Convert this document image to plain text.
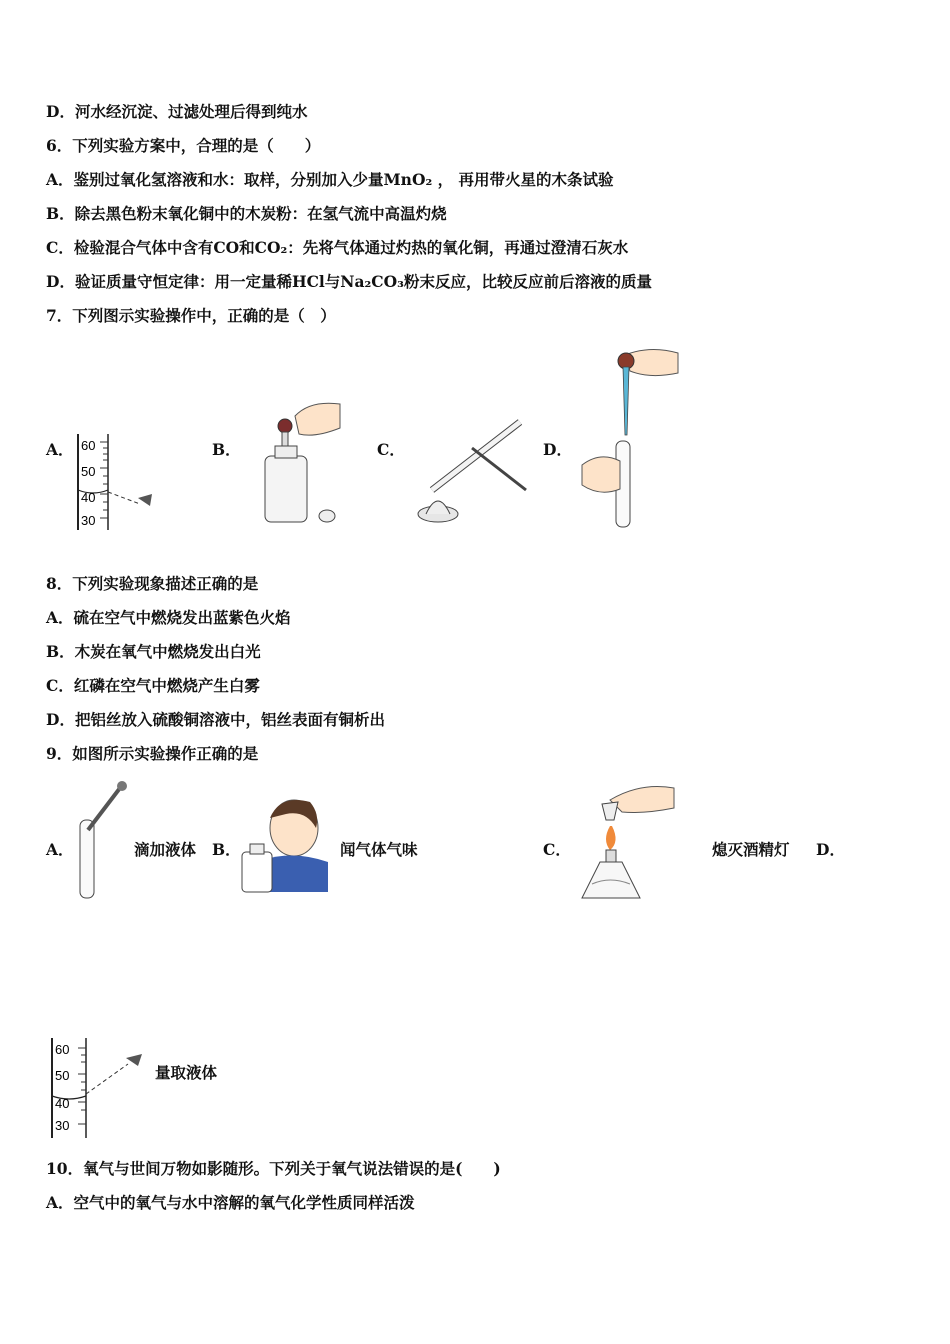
D．河水经沉淀、过滤处理后得到纯水
6．下列实验方案中，合理的是（　　）
A．鉴别过氧化氢溶液和水：取样，分别加入少量MnO₂ ， 再用带火星的木条试验
B．除去黑色粉末氧化铜中的木炭粉：在氢气流中高温灼烧
C．检验混合气体中含有CO和CO₂：先将气体通过灼热的氧化铜，再通过澄清石灰水
D．验证质量守恒定律：用一定量稀HCl与Na₂CO₃粉末反应，比较反应前后溶液的质量
7．下列图示实验操作中，正确的是（　）
A．	B．	C．	D．
60
50
40
30
8．下列实验现象描述正确的是
A．硫在空气中燃烧发出蓝紫色火焰
B．木炭在氧气中燃烧发出白光
C．红磷在空气中燃烧产生白雾
D．把铝丝放入硫酸铜溶液中，铝丝表面有铜析出
9．如图所示实验操作正确的是
A．	滴加液体 B．	闻气体气味	C．	熄灭酒精灯 D．
60
50
40
30
量取液体
10．氧气与世间万物如影随形。下列关于氧气说法错误的是(　　)
A．空气中的氧气与水中溶解的氧气化学性质同样活泼
